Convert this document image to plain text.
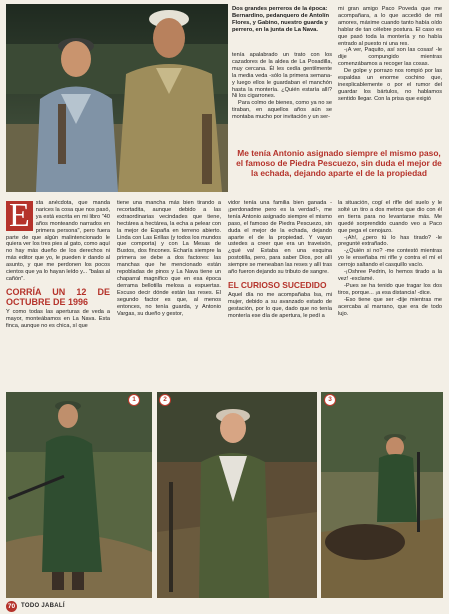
Dos grandes perreros de la época: Bernardino, pedanquero de Antolín Flores, y Gabino, nuestro guarda y perrero, en la junta de La Nava.

tenía apalabrado un trato con los cazadores de la aldea de La Posadilla, muy cercana. Él les cedía gentilmente la media veda -sólo la primera semana- y luego ellos le guardaban el manchón hasta la montería. ¿Quién estaría allí? Ni los cigarrones.

Para colmo de bienes, como ya no se tiraban, en aquellos años aún se montaba mucho por invitación y un ser-

mi gran amigo Paco Poveda que me acompañara, a lo que accedió de mil amores, máxime cuando tanto había oído hablar de tan célebre postura. El caso es que pasó toda la montería y no había entrado al puesto ni una res.

-¡A ver, Paquito, así son las cosas! -le dije compungido mientras comenzábamos a recoger las cosas.

De golpe y porrazo nos rompió por las espaldas un enorme cochino que, inexplicablemente o por el rumor del guardar los bártulos, no hablamos sentido llegar. Con la prisa que exigió

Me tenía Antonio asignado siempre el mismo paso, el famoso de Piedra Pescuezo, sin duda el mejor de la echada, dejando aparte el de la propiedad

E	sta anécdota, que manda narices la cosa que nos pasó, ya está escrita en mi libro "40 años monteando narrados en primera persona", pero fuera parte de que algún malintencionado le quiera ver los tres pies al gato, como aquí no hay más dueño de los derechos ni más editor que yo, le pueden ir dando al asunto, y que me perdonen los pocos cientos que ya lo hayan leído y... "balas al cañón".

CORRÍA UN 12 DE OCTUBRE DE 1996

Y como todas las aperturas de veda a mayor, monteábamos en La Nava. Esta finca, aunque no es chica, sí que

tiene una mancha más bien tirando a recortadita, aunque debido a las extraordinarias vecindades que tiene, hectárea a hectárea, la echa a pelear con la mejor de España en terreno abierto. Linda con Las Erillas (y todos los mundos que comporta) y con La Mesas de Bustos, dos fincones. Echaría siempre la primera se debe a dos factores: las manchas que he mencionado están repobladas de pinos y La Nava tiene un chaparral magnífico que en esa época derrama bellotilla melosa a espuertas. Excuso decir dónde están las reses. El segundo factor es que, al menos entonces, no tenía guarda, y Antonio Vargas, su dueño y gestor,

vidor tenía una familia bien ganada -¡perdonadme pero es la verdad!-, me tenía Antonio asignado siempre el mismo paso, el famoso de Piedra Pescuezo, sin duda el mejor de la echada, dejando aparte el de la propiedad. Y vayan ustedes a creer que era un traveisón, ¿qué va! Estaba en una esquina postotilla, pero, para saber Dios, por allí siempre se meneaban las reses y allí tras año fueron dejando su tributo de sangre.

EL CURIOSO SUCEDIDO

Aquel día no me acompañaba Isa, mi mujer, debido a su avanzado estado de gestación, por lo que, dado que no tenía montería ese día de apertura, le pedí a

la situación, cogí el rifle del suelo y le solté un tiro a dos metros que dio con él en tierra para no levantarse más. Me quedé sorprendido cuando veo a Paco que pega el cenojazo.

-¡Ah!, ¿pero tú lo has tirado? -le pregunté extrañado.

-¿Quién si no? -me contestó mientras yo le enseñaba mi rifle y contra el mí el cerrojo saltando el casquillo vacío.

-¡Oshree Pedrin, lo hemos tirado a la vez! -exclamé.

-Pues se ha tenido que tragar los dos tiros, porque... ¡a esa distancia! -dice.

-Eso tiene que ser -dije mientras me acercaba al marrano, que era de todo lujo.

1	2	3
70 TODO JABALÍ
